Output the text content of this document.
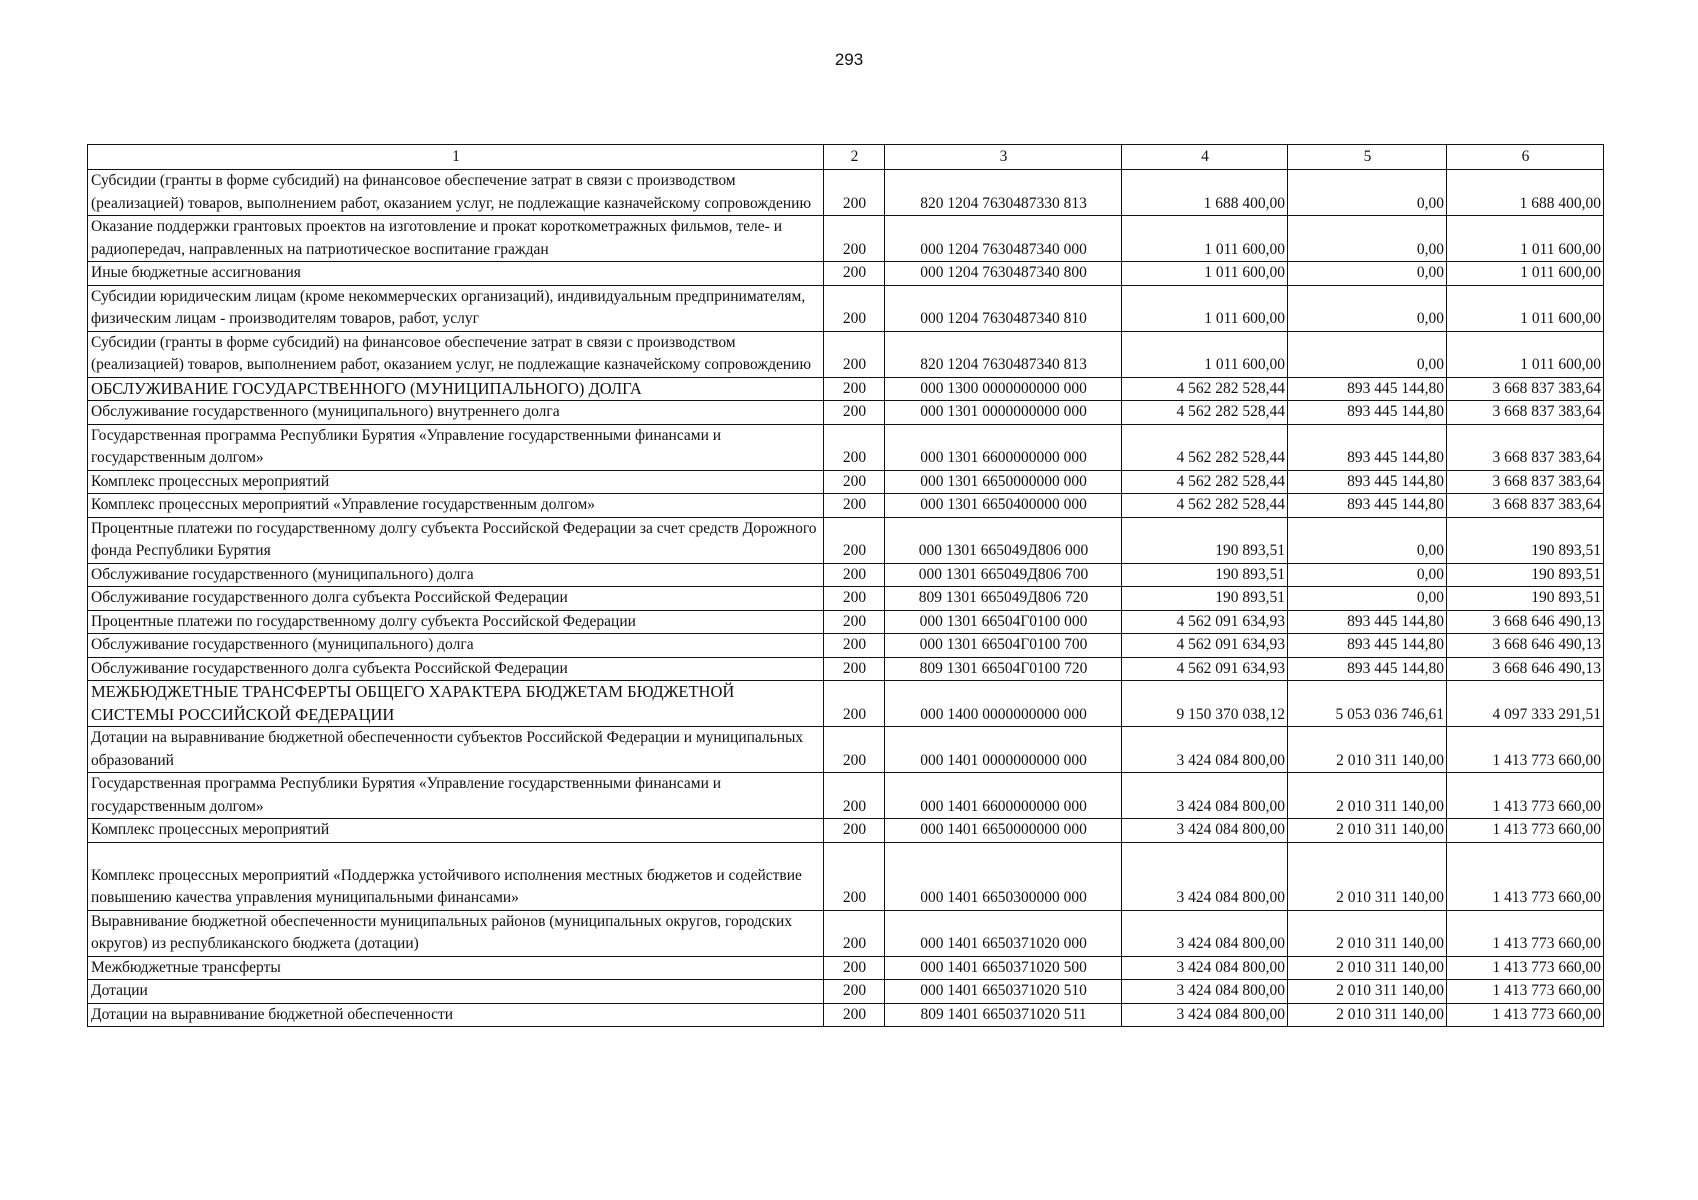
293
1	2	3	4	5	6
Субсидии (гранты в форме субсидий) на финансовое обеспечение затрат в связи с производством (реализацией) товаров, выполнением работ, оказанием услуг, не подлежащие казначейскому сопровождению	200	820 1204 7630487330 813	1 688 400,00	0,00	1 688 400,00
Оказание поддержки грантовых проектов на изготовление и прокат короткометражных фильмов, теле- и радиопередач, направленных на патриотическое воспитание граждан	200	000 1204 7630487340 000	1 011 600,00	0,00	1 011 600,00
Иные бюджетные ассигнования	200	000 1204 7630487340 800	1 011 600,00	0,00	1 011 600,00
Субсидии юридическим лицам (кроме некоммерческих организаций), индивидуальным предпринимателям, физическим лицам - производителям товаров, работ, услуг	200	000 1204 7630487340 810	1 011 600,00	0,00	1 011 600,00
Субсидии (гранты в форме субсидий) на финансовое обеспечение затрат в связи с производством (реализацией) товаров, выполнением работ, оказанием услуг, не подлежащие казначейскому сопровождению	200	820 1204 7630487340 813	1 011 600,00	0,00	1 011 600,00
ОБСЛУЖИВАНИЕ ГОСУДАРСТВЕННОГО (МУНИЦИПАЛЬНОГО) ДОЛГА	200	000 1300 0000000000 000	4 562 282 528,44	893 445 144,80	3 668 837 383,64
Обслуживание государственного (муниципального) внутреннего долга	200	000 1301 0000000000 000	4 562 282 528,44	893 445 144,80	3 668 837 383,64
Государственная программа Республики Бурятия «Управление государственными финансами и государственным долгом»	200	000 1301 6600000000 000	4 562 282 528,44	893 445 144,80	3 668 837 383,64
Комплекс процессных мероприятий	200	000 1301 6650000000 000	4 562 282 528,44	893 445 144,80	3 668 837 383,64
Комплекс процессных мероприятий «Управление государственным долгом»	200	000 1301 6650400000 000	4 562 282 528,44	893 445 144,80	3 668 837 383,64
Процентные платежи по государственному долгу субъекта Российской Федерации за счет средств Дорожного фонда Республики Бурятия	200	000 1301 665049Д806 000	190 893,51	0,00	190 893,51
Обслуживание государственного (муниципального) долга	200	000 1301 665049Д806 700	190 893,51	0,00	190 893,51
Обслуживание государственного долга субъекта Российской Федерации	200	809 1301 665049Д806 720	190 893,51	0,00	190 893,51
Процентные платежи по государственному долгу субъекта Российской Федерации	200	000 1301 66504Г0100 000	4 562 091 634,93	893 445 144,80	3 668 646 490,13
Обслуживание государственного (муниципального) долга	200	000 1301 66504Г0100 700	4 562 091 634,93	893 445 144,80	3 668 646 490,13
Обслуживание государственного долга субъекта Российской Федерации	200	809 1301 66504Г0100 720	4 562 091 634,93	893 445 144,80	3 668 646 490,13
МЕЖБЮДЖЕТНЫЕ ТРАНСФЕРТЫ ОБЩЕГО ХАРАКТЕРА БЮДЖЕТАМ БЮДЖЕТНОЙ СИСТЕМЫ РОССИЙСКОЙ ФЕДЕРАЦИИ	200	000 1400 0000000000 000	9 150 370 038,12	5 053 036 746,61	4 097 333 291,51
Дотации на выравнивание бюджетной обеспеченности субъектов Российской Федерации и муниципальных образований	200	000 1401 0000000000 000	3 424 084 800,00	2 010 311 140,00	1 413 773 660,00
Государственная программа Республики Бурятия «Управление государственными финансами и государственным долгом»	200	000 1401 6600000000 000	3 424 084 800,00	2 010 311 140,00	1 413 773 660,00
Комплекс процессных мероприятий	200	000 1401 6650000000 000	3 424 084 800,00	2 010 311 140,00	1 413 773 660,00
Комплекс процессных мероприятий «Поддержка устойчивого исполнения местных бюджетов и содействие повышению качества управления муниципальными финансами»	200	000 1401 6650300000 000	3 424 084 800,00	2 010 311 140,00	1 413 773 660,00
Выравнивание бюджетной обеспеченности муниципальных районов (муниципальных округов, городских округов) из республиканского бюджета (дотации)	200	000 1401 6650371020 000	3 424 084 800,00	2 010 311 140,00	1 413 773 660,00
Межбюджетные трансферты	200	000 1401 6650371020 500	3 424 084 800,00	2 010 311 140,00	1 413 773 660,00
Дотации	200	000 1401 6650371020 510	3 424 084 800,00	2 010 311 140,00	1 413 773 660,00
Дотации на выравнивание бюджетной обеспеченности	200	809 1401 6650371020 511	3 424 084 800,00	2 010 311 140,00	1 413 773 660,00
